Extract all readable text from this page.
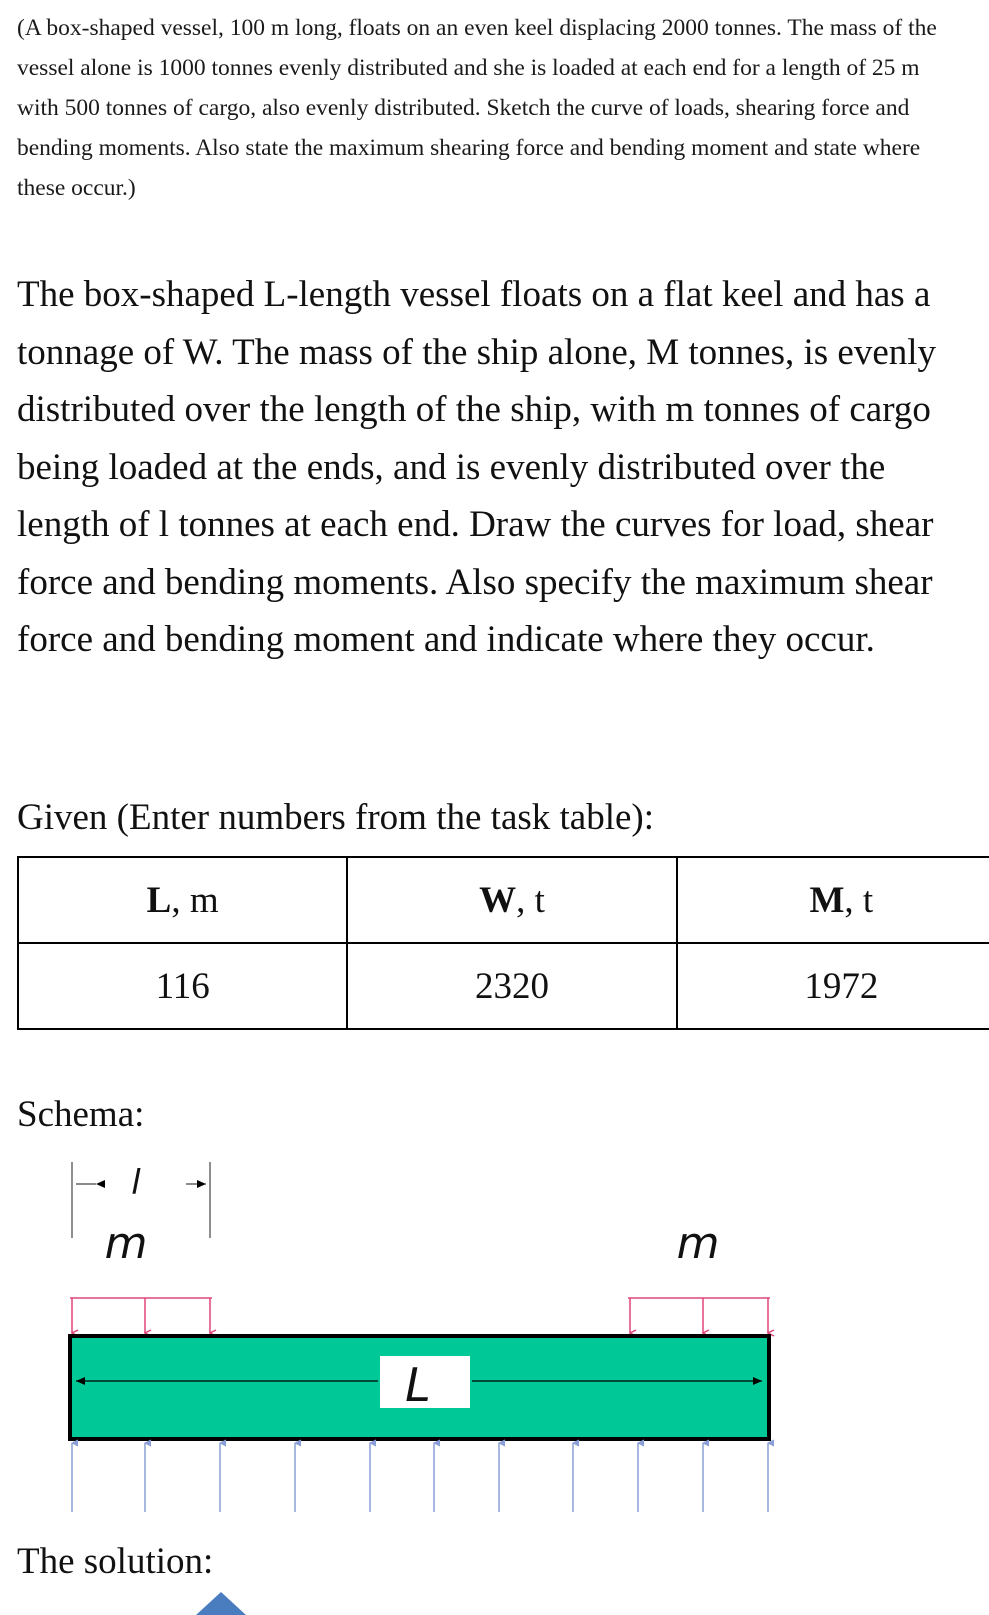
(A box-shaped vessel, 100 m long, floats on an even keel displacing 2000 tonnes. The mass of the vessel alone is 1000 tonnes evenly distributed and she is loaded at each end for a length of 25 m with 500 tonnes of cargo, also evenly distributed. Sketch the curve of loads, shearing force and bending moments. Also state the maximum shearing force and bending moment and state where these occur.)
The box-shaped L-length vessel floats on a flat keel and has a tonnage of W. The mass of the ship alone, M tonnes, is evenly distributed over the length of the ship, with m tonnes of cargo being loaded at the ends, and is evenly distributed over the length of l tonnes at each end. Draw the curves for load, shear force and bending moments. Also specify the maximum shear force and bending moment and indicate where they occur.
Given (Enter numbers from the task table):
L, m	W, t	M, t
116	2320	1972
Schema:
l
m	m
L
The solution:
